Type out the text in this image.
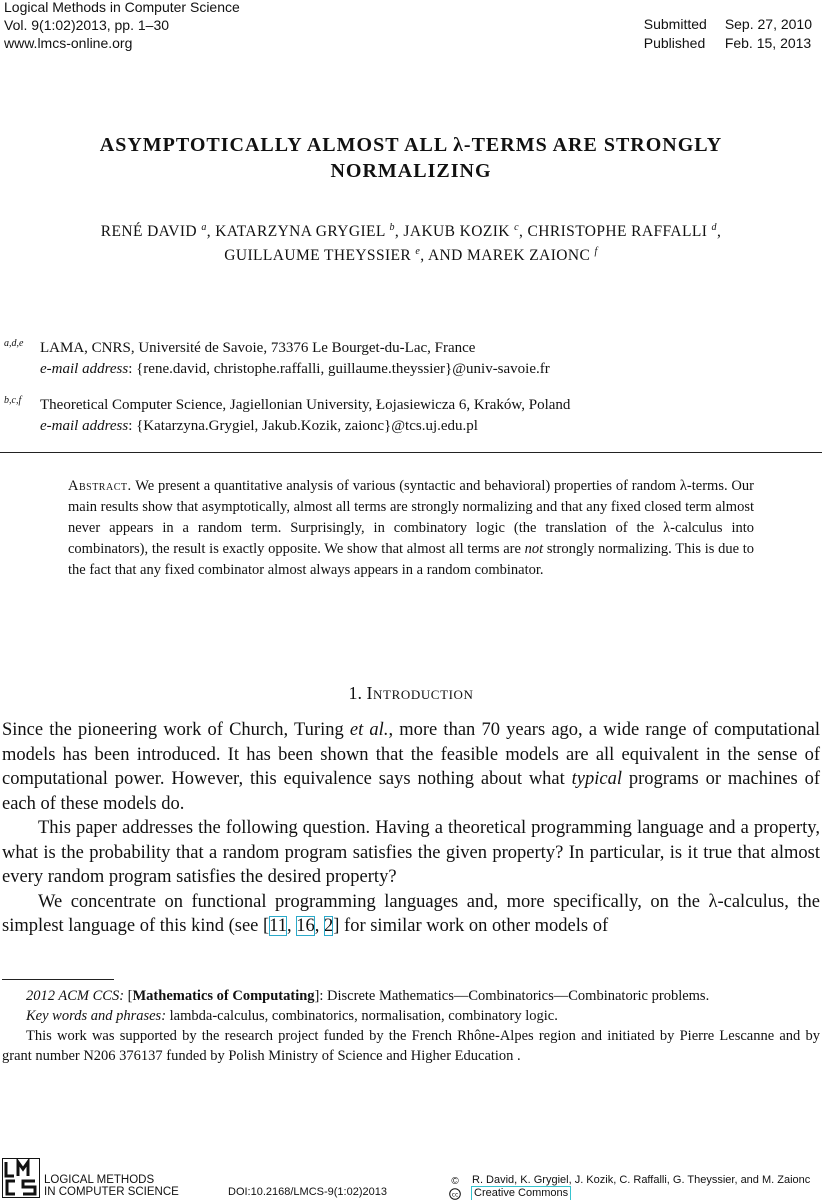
Logical Methods in Computer Science
Vol. 9(1:02)2013, pp. 1–30
www.lmcs-online.org
Submitted Sep. 27, 2010
Published Feb. 15, 2013
ASYMPTOTICALLY ALMOST ALL λ-TERMS ARE STRONGLY
NORMALIZING
RENÉ DAVID $^a$, KATARZYNA GRYGIEL $^b$, JAKUB KOZIK $^c$, CHRISTOPHE RAFFALLI $^d$,
GUILLAUME THEYSSIER $^e$, AND MAREK ZAIONC $^f$
a,d,e LAMA, CNRS, Université de Savoie, 73376 Le Bourget-du-Lac, France
e-mail address: {rene.david, christophe.raffalli, guillaume.theyssier}@univ-savoie.fr
b,c,f Theoretical Computer Science, Jagiellonian University, Łojasiewicza 6, Kraków, Poland
e-mail address: {Katarzyna.Grygiel, Jakub.Kozik, zaionc}@tcs.uj.edu.pl
Abstract. We present a quantitative analysis of various (syntactic and behavioral) properties of random λ-terms. Our main results show that asymptotically, almost all terms are strongly normalizing and that any fixed closed term almost never appears in a random term. Surprisingly, in combinatory logic (the translation of the λ-calculus into combinators), the result is exactly opposite. We show that almost all terms are not strongly normalizing. This is due to the fact that any fixed combinator almost always appears in a random combinator.
1. Introduction

Since the pioneering work of Church, Turing et al., more than 70 years ago, a wide range of computational models has been introduced. It has been shown that the feasible models are all equivalent in the sense of computational power. However, this equivalence says nothing about what typical programs or machines of each of these models do.

This paper addresses the following question. Having a theoretical programming language and a property, what is the probability that a random program satisfies the given property? In particular, is it true that almost every random program satisfies the desired property?

We concentrate on functional programming languages and, more specifically, on the λ-calculus, the simplest language of this kind (see [11, 16, 2] for similar work on other models of

2012 ACM CCS: [Mathematics of Computating]: Discrete Mathematics—Combinatorics—Combinatoric problems.

Key words and phrases: lambda-calculus, combinatorics, normalisation, combinatory logic.

This work was supported by the research project funded by the French Rhône-Alpes region and initiated by Pierre Lescanne and by grant number N206 376137 funded by Polish Ministry of Science and Higher Education .

LOGICAL METHODS
IN COMPUTER SCIENCE	DOI:10.2168/LMCS-9(1:02)2013
©	R. David, K. Grygiel, J. Kozik, C. Raffalli, G. Theyssier, and M. Zaionc
cc Creative Commons
